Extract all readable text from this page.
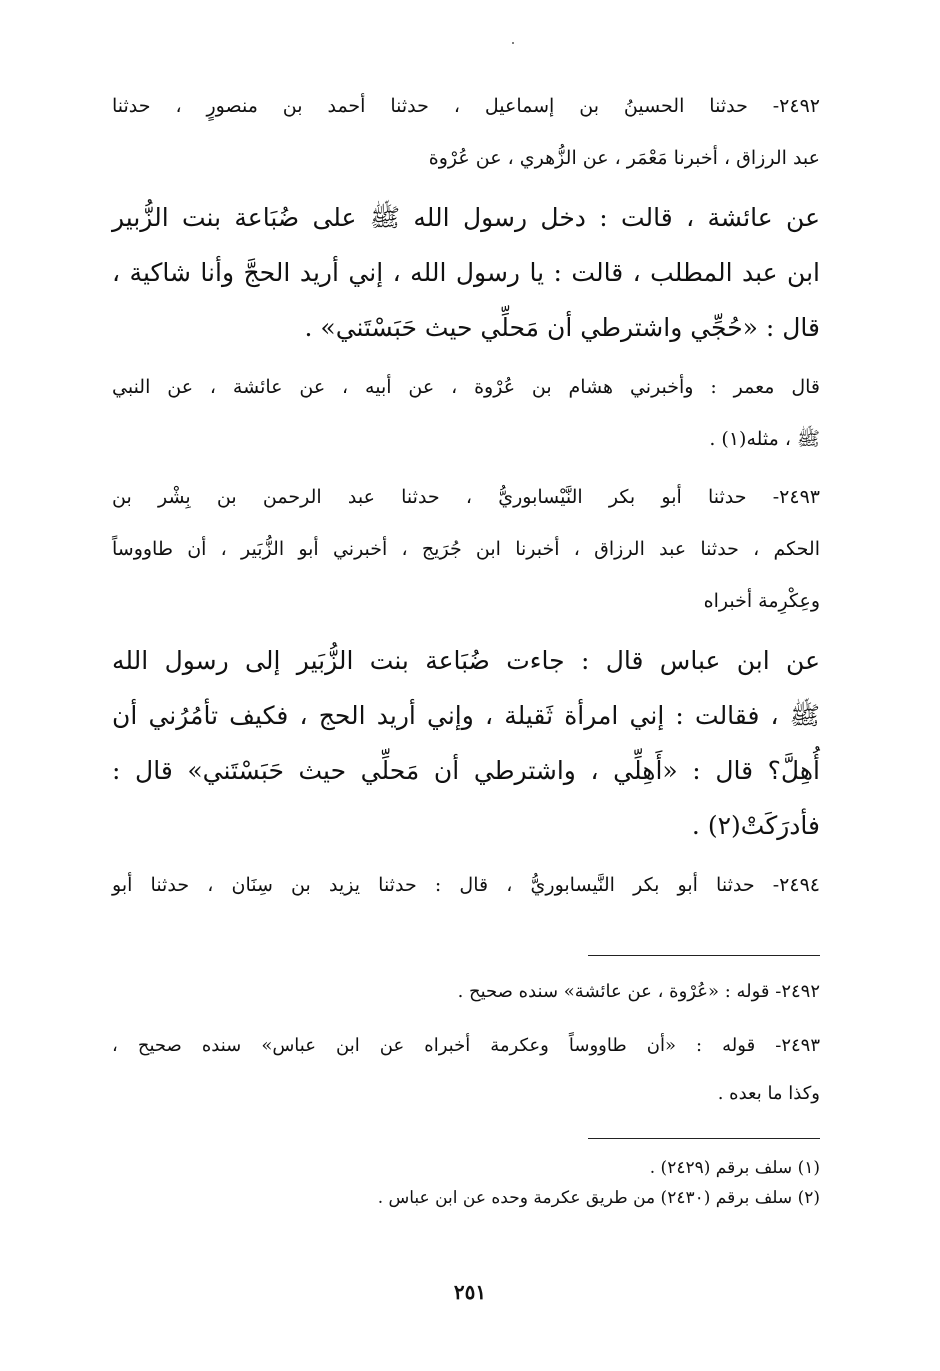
٢٤٩٢- حدثنا الحسينُ بن إسماعيل ، حدثنا أحمد بن منصورٍ ، حدثنا
عبد الرزاق ، أخبرنا مَعْمَر ، عن الزُّهري ، عن عُرْوة
عن عائشة ، قالت : دخل رسول الله ﷺ على ضُبَاعة بنت الزُّبير
ابن عبد المطلب ، قالت : يا رسول الله ، إني أريد الحجَّ وأنا شاكية ،
قال : «حُجِّي واشترطي أن مَحلِّي حيث حَبَسْتَني» .
قال معمر : وأخبرني هشام بن عُرْوة ، عن أبيه ، عن عائشة ، عن النبي
ﷺ ، مثله(١) .
٢٤٩٣- حدثنا أبو بكر النَّيْسابوريُّ ، حدثنا عبد الرحمن بن بِشْر بن
الحكم ، حدثنا عبد الرزاق ، أخبرنا ابن جُرَيج ، أخبرني أبو الزُّبَير ، أن طاووساً
وعِكْرِمة أخبراه
عن ابن عباس قال : جاءت ضُبَاعة بنت الزُّبَير إلى رسول الله
ﷺ ، فقالت : إني امرأة ثَقيلة ، وإني أريد الحج ، فكيف تأمُرُني أن
أُهِلَّ؟ قال : «أَهِلِّي ، واشترطي أن مَحلِّي حيث حَبَسْتَني» قال :
فأدرَكَتْ(٢) .
٢٤٩٤- حدثنا أبو بكر النَّيسابوريُّ ، قال : حدثنا يزيد بن سِنَان ، حدثنا أبو
٢٤٩٢- قوله : «عُرْوة ، عن عائشة» سنده صحيح .
٢٤٩٣- قوله : «أن طاووساً وعكرمة أخبراه عن ابن عباس» سنده صحيح ،
وكذا ما بعده .
(١) سلف برقم (٢٤٢٩) .
(٢) سلف برقم (٢٤٣٠) من طريق عكرمة وحده عن ابن عباس .
٢٥١
